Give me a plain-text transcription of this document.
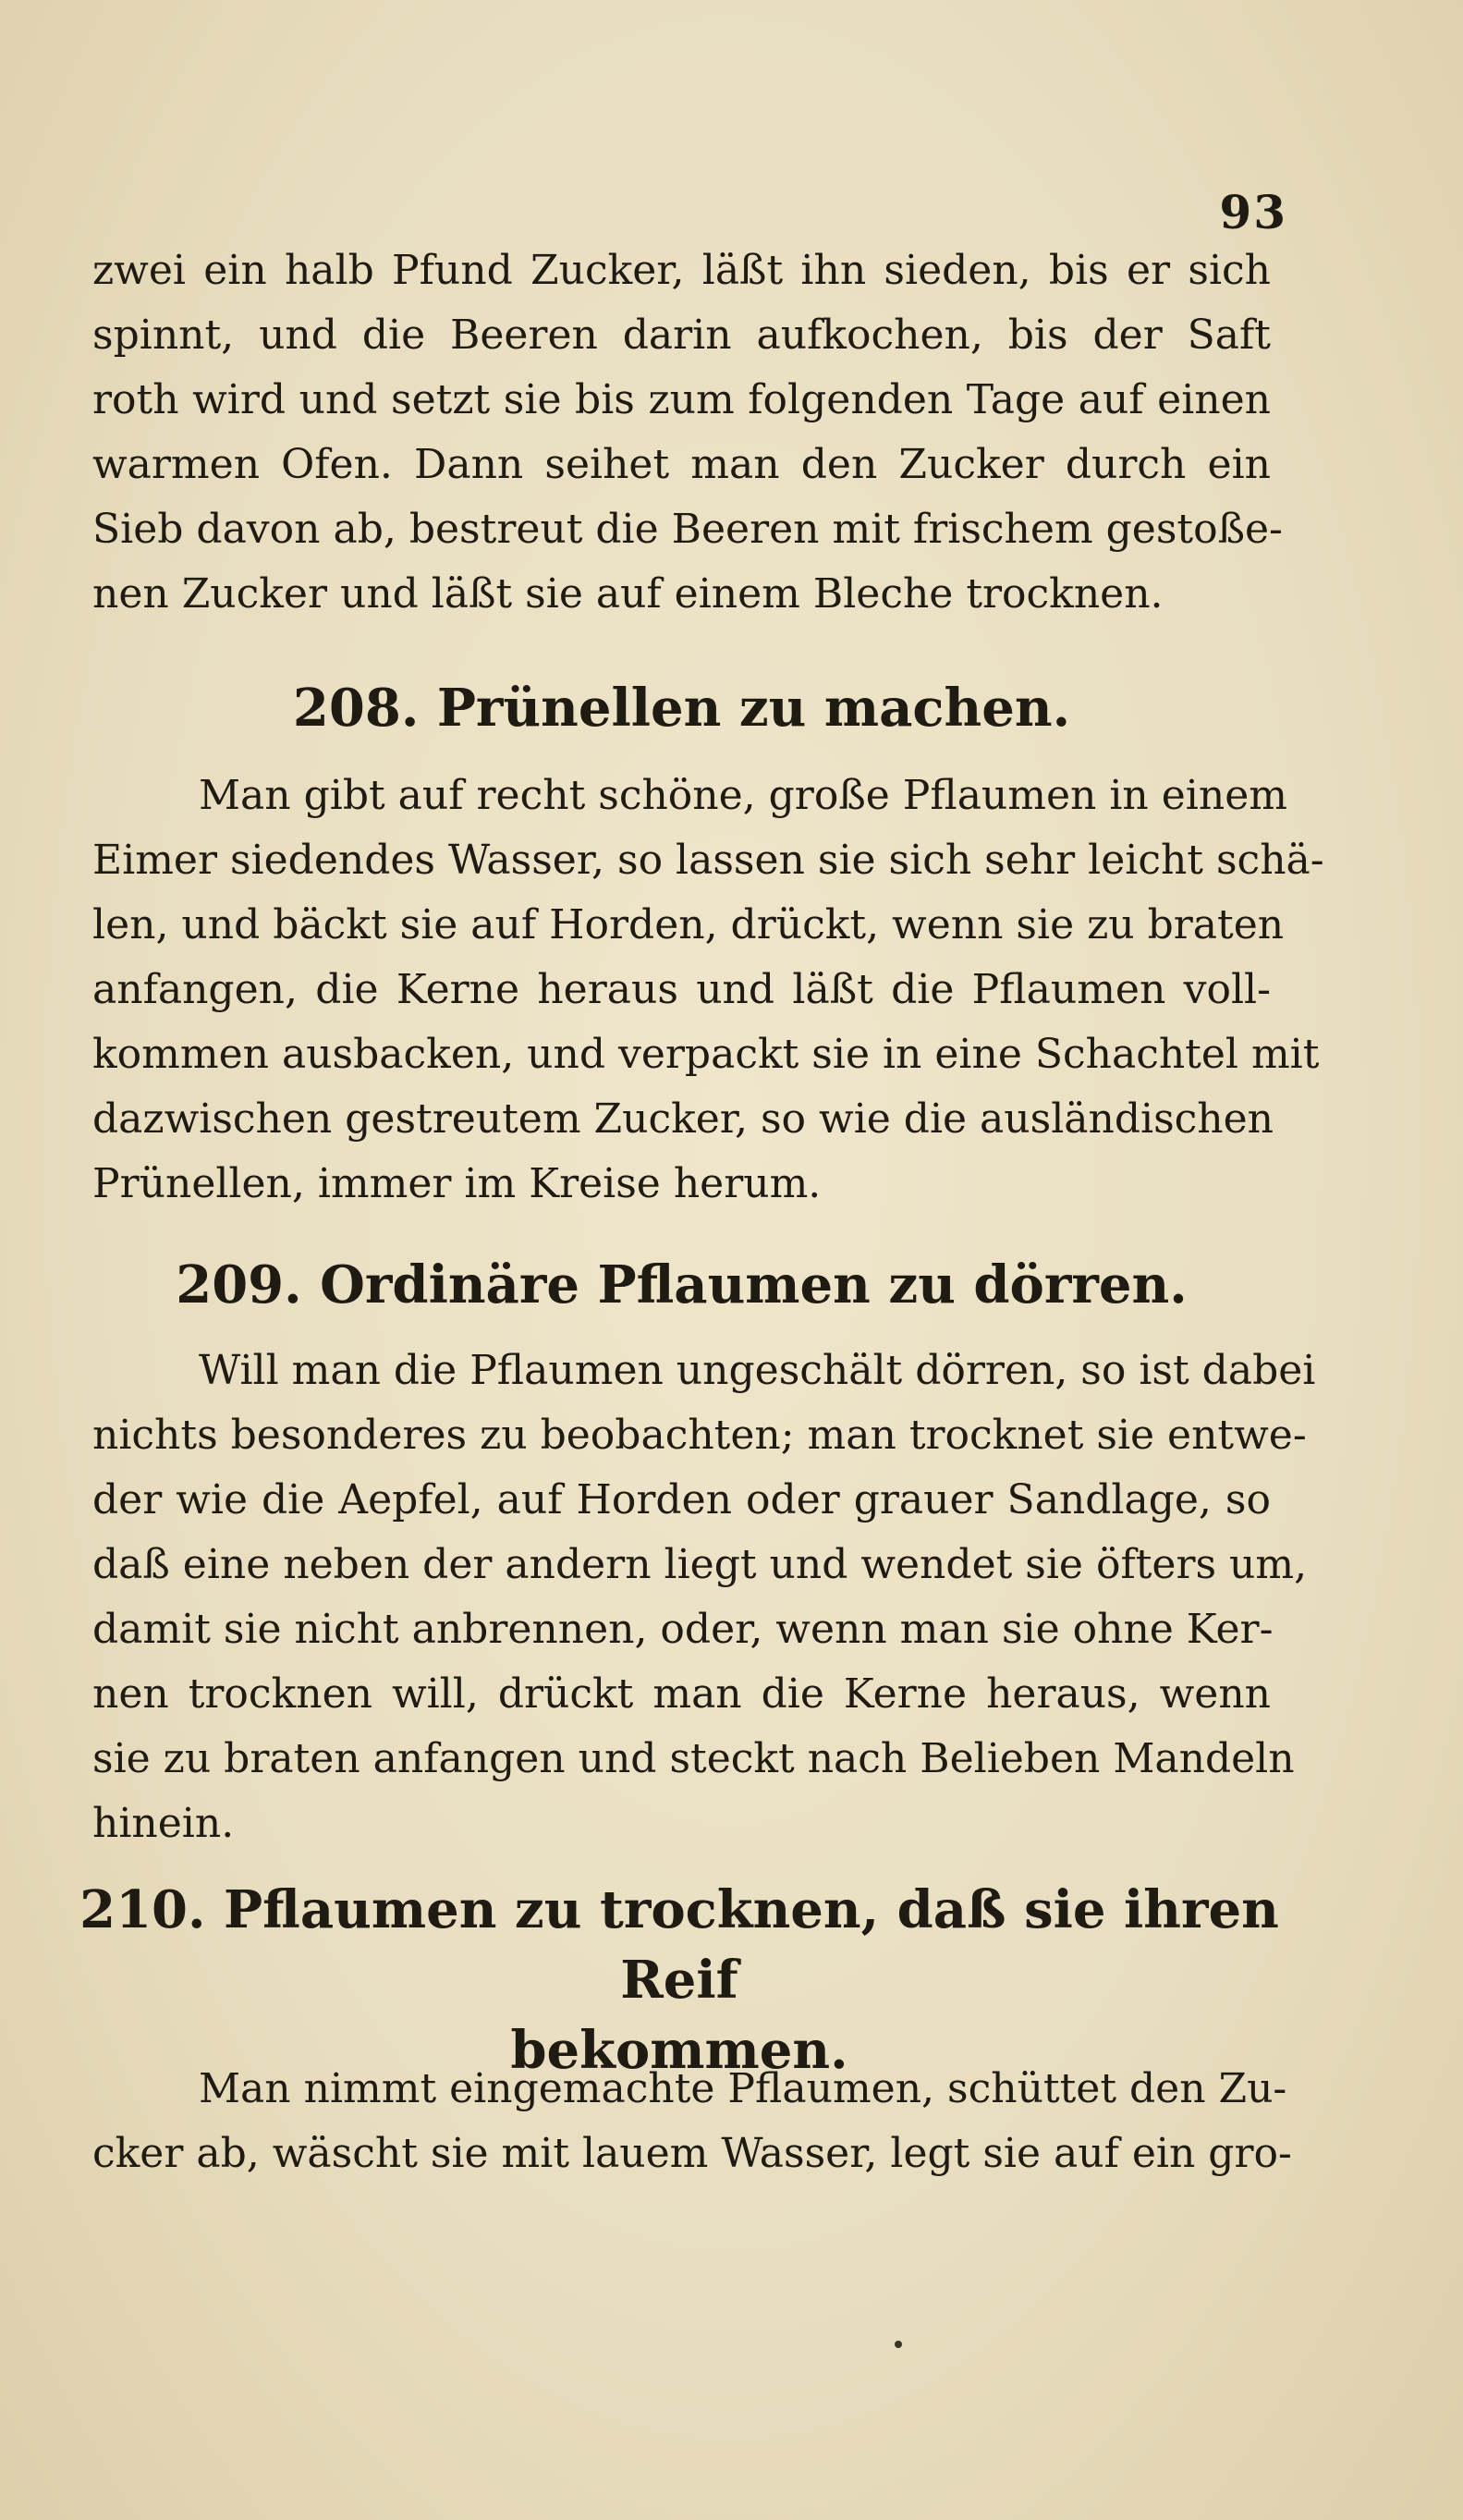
93
zwei ein halb Pfund Zucker, läßt ihn sieden, bis er sich
spinnt, und die Beeren darin aufkochen, bis der Saft
roth wird und setzt sie bis zum folgenden Tage auf einen
warmen Ofen. Dann seihet man den Zucker durch ein
Sieb davon ab, bestreut die Beeren mit frischem gestoße-
nen Zucker und läßt sie auf einem Bleche trocknen.
208. Prünellen zu machen.
Man gibt auf recht schöne, große Pflaumen in einem
Eimer siedendes Wasser, so lassen sie sich sehr leicht schä-
len, und bäckt sie auf Horden, drückt, wenn sie zu braten
anfangen, die Kerne heraus und läßt die Pflaumen voll-
kommen ausbacken, und verpackt sie in eine Schachtel mit
dazwischen gestreutem Zucker, so wie die ausländischen
Prünellen, immer im Kreise herum.
209. Ordinäre Pflaumen zu dörren.
Will man die Pflaumen ungeschält dörren, so ist dabei
nichts besonderes zu beobachten; man trocknet sie entwe-
der wie die Aepfel, auf Horden oder grauer Sandlage, so
daß eine neben der andern liegt und wendet sie öfters um,
damit sie nicht anbrennen, oder, wenn man sie ohne Ker-
nen trocknen will, drückt man die Kerne heraus, wenn
sie zu braten anfangen und steckt nach Belieben Mandeln
hinein.
210. Pflaumen zu trocknen, daß sie ihren Reif
bekommen.
Man nimmt eingemachte Pflaumen, schüttet den Zu-
cker ab, wäscht sie mit lauem Wasser, legt sie auf ein gro-
